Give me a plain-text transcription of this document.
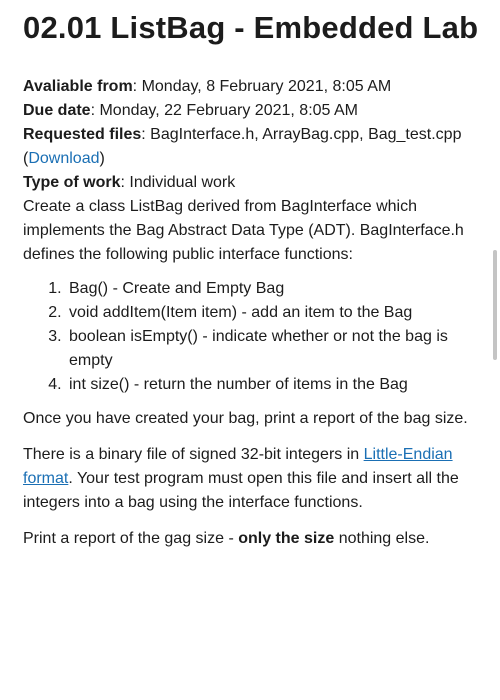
02.01 ListBag - Embedded Lab

Avaliable from: Monday, 8 February 2021, 8:05 AM

Due date: Monday, 22 February 2021, 8:05 AM

Requested files: BagInterface.h, ArrayBag.cpp, Bag_test.cpp (Download)

Type of work: Individual work

Create a class ListBag derived from BagInterface which implements the Bag Abstract Data Type (ADT). BagInterface.h defines the following public interface functions:

1. Bag() - Create and Empty Bag
2. void addItem(Item item) - add an item to the Bag
3. boolean isEmpty() - indicate whether or not the bag is empty
4. int size() - return the number of items in the Bag

Once you have created your bag, print a report of the bag size.

There is a binary file of signed 32-bit integers in Little-Endian format. Your test program must open this file and insert all the integers into a bag using the interface functions.

Print a report of the gag size - only the size nothing else.
